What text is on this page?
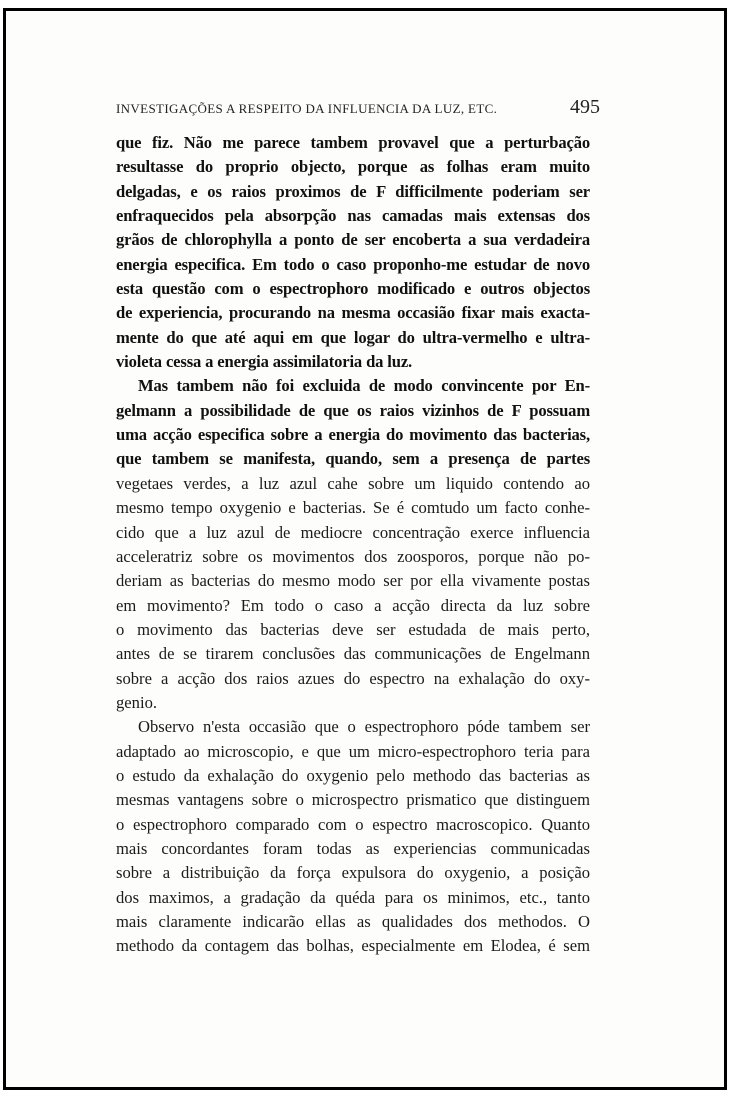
INVESTIGAÇÕES A RESPEITO DA INFLUENCIA DA LUZ, ETC.	495
que fiz. Não me parece tambem provavel que a perturbação
resultasse do proprio objecto, porque as folhas eram muito
delgadas, e os raios proximos de F difficilmente poderiam ser
enfraquecidos pela absorpção nas camadas mais extensas dos
grãos de chlorophylla a ponto de ser encoberta a sua verdadeira
energia especifica. Em todo o caso proponho-me estudar de novo
esta questão com o espectrophoro modificado e outros objectos
de experiencia, procurando na mesma occasião fixar mais exacta-
mente do que até aqui em que logar do ultra-vermelho e ultra-
violeta cessa a energia assimilatoria da luz.
Mas tambem não foi excluida de modo convincente por En-
gelmann a possibilidade de que os raios vizinhos de F possuam
uma acção especifica sobre a energia do movimento das bacterias,
que tambem se manifesta, quando, sem a presença de partes
vegetaes verdes, a luz azul cahe sobre um liquido contendo ao
mesmo tempo oxygenio e bacterias. Se é comtudo um facto conhe-
cido que a luz azul de mediocre concentração exerce influencia
acceleratriz sobre os movimentos dos zoosporos, porque não po-
deriam as bacterias do mesmo modo ser por ella vivamente postas
em movimento? Em todo o caso a acção directa da luz sobre
o movimento das bacterias deve ser estudada de mais perto,
antes de se tirarem conclusões das communicações de Engelmann
sobre a acção dos raios azues do espectro na exhalação do oxy-
genio.
Observo n'esta occasião que o espectrophoro póde tambem ser
adaptado ao microscopio, e que um micro-espectrophoro teria para
o estudo da exhalação do oxygenio pelo methodo das bacterias as
mesmas vantagens sobre o microspectro prismatico que distinguem
o espectrophoro comparado com o espectro macroscopico. Quanto
mais concordantes foram todas as experiencias communicadas
sobre a distribuição da força expulsora do oxygenio, a posição
dos maximos, a gradação da quéda para os minimos, etc., tanto
mais claramente indicarão ellas as qualidades dos methodos. O
methodo da contagem das bolhas, especialmente em Elodea, é sem
